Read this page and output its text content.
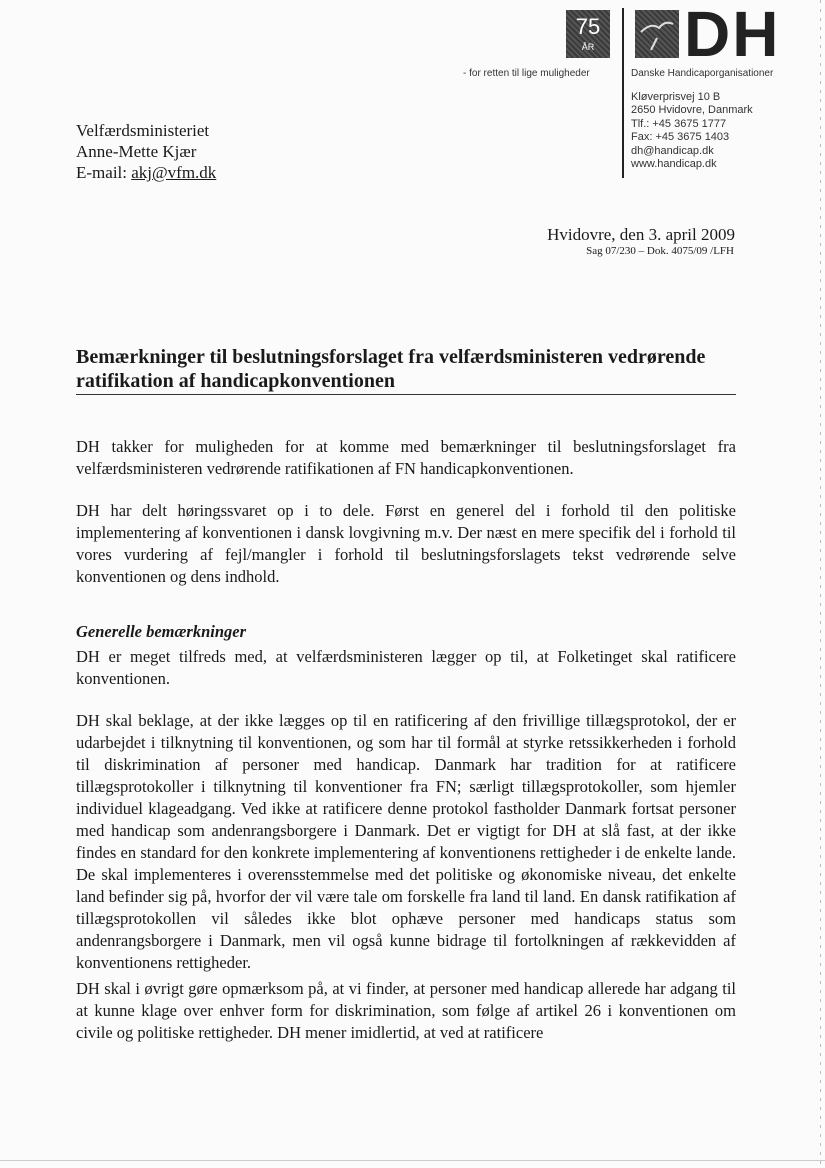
75
ÅR DH
- for retten til lige muligheder	Danske Handicaporganisationer
Kløverprisvej 10 B
2650 Hvidovre, Danmark
Tlf.: +45 3675 1777
Fax: +45 3675 1403
dh@handicap.dk
www.handicap.dk
Velfærdsministeriet
Anne-Mette Kjær
E-mail: akj@vfm.dk
Hvidovre, den 3. april 2009
Sag 07/230 – Dok. 4075/09 /LFH
Bemærkninger til beslutningsforslaget fra velfærdsministeren vedrørende ratifikation af handicapkonventionen
DH takker for muligheden for at komme med bemærkninger til beslutningsforslaget fra velfærdsministeren vedrørende ratifikationen af FN handicapkonventionen.
DH har delt høringssvaret op i to dele. Først en generel del i forhold til den politiske implementering af konventionen i dansk lovgivning m.v. Der næst en mere specifik del i forhold til vores vurdering af fejl/mangler i forhold til beslutningsforslagets tekst vedrørende selve konventionen og dens indhold.
Generelle bemærkninger
DH er meget tilfreds med, at velfærdsministeren lægger op til, at Folketinget skal ratificere konventionen.
DH skal beklage, at der ikke lægges op til en ratificering af den frivillige tillægsprotokol, der er udarbejdet i tilknytning til konventionen, og som har til formål at styrke retssikkerheden i forhold til diskrimination af personer med handicap. Danmark har tradition for at ratificere tillægsprotokoller i tilknytning til konventioner fra FN; særligt tillægsprotokoller, som hjemler individuel klageadgang. Ved ikke at ratificere denne protokol fastholder Danmark fortsat personer med handicap som andenrangsborgere i Danmark. Det er vigtigt for DH at slå fast, at der ikke findes en standard for den konkrete implementering af konventionens rettigheder i de enkelte lande. De skal implementeres i overensstemmelse med det politiske og økonomiske niveau, det enkelte land befinder sig på, hvorfor der vil være tale om forskelle fra land til land. En dansk ratifikation af tillægsprotokollen vil således ikke blot ophæve personer med handicaps status som andenrangsborgere i Danmark, men vil også kunne bidrage til fortolkningen af rækkevidden af konventionens rettigheder.
DH skal i øvrigt gøre opmærksom på, at vi finder, at personer med handicap allerede har adgang til at kunne klage over enhver form for diskrimination, som følge af artikel 26 i konventionen om civile og politiske rettigheder. DH mener imidlertid, at ved at ratificere
